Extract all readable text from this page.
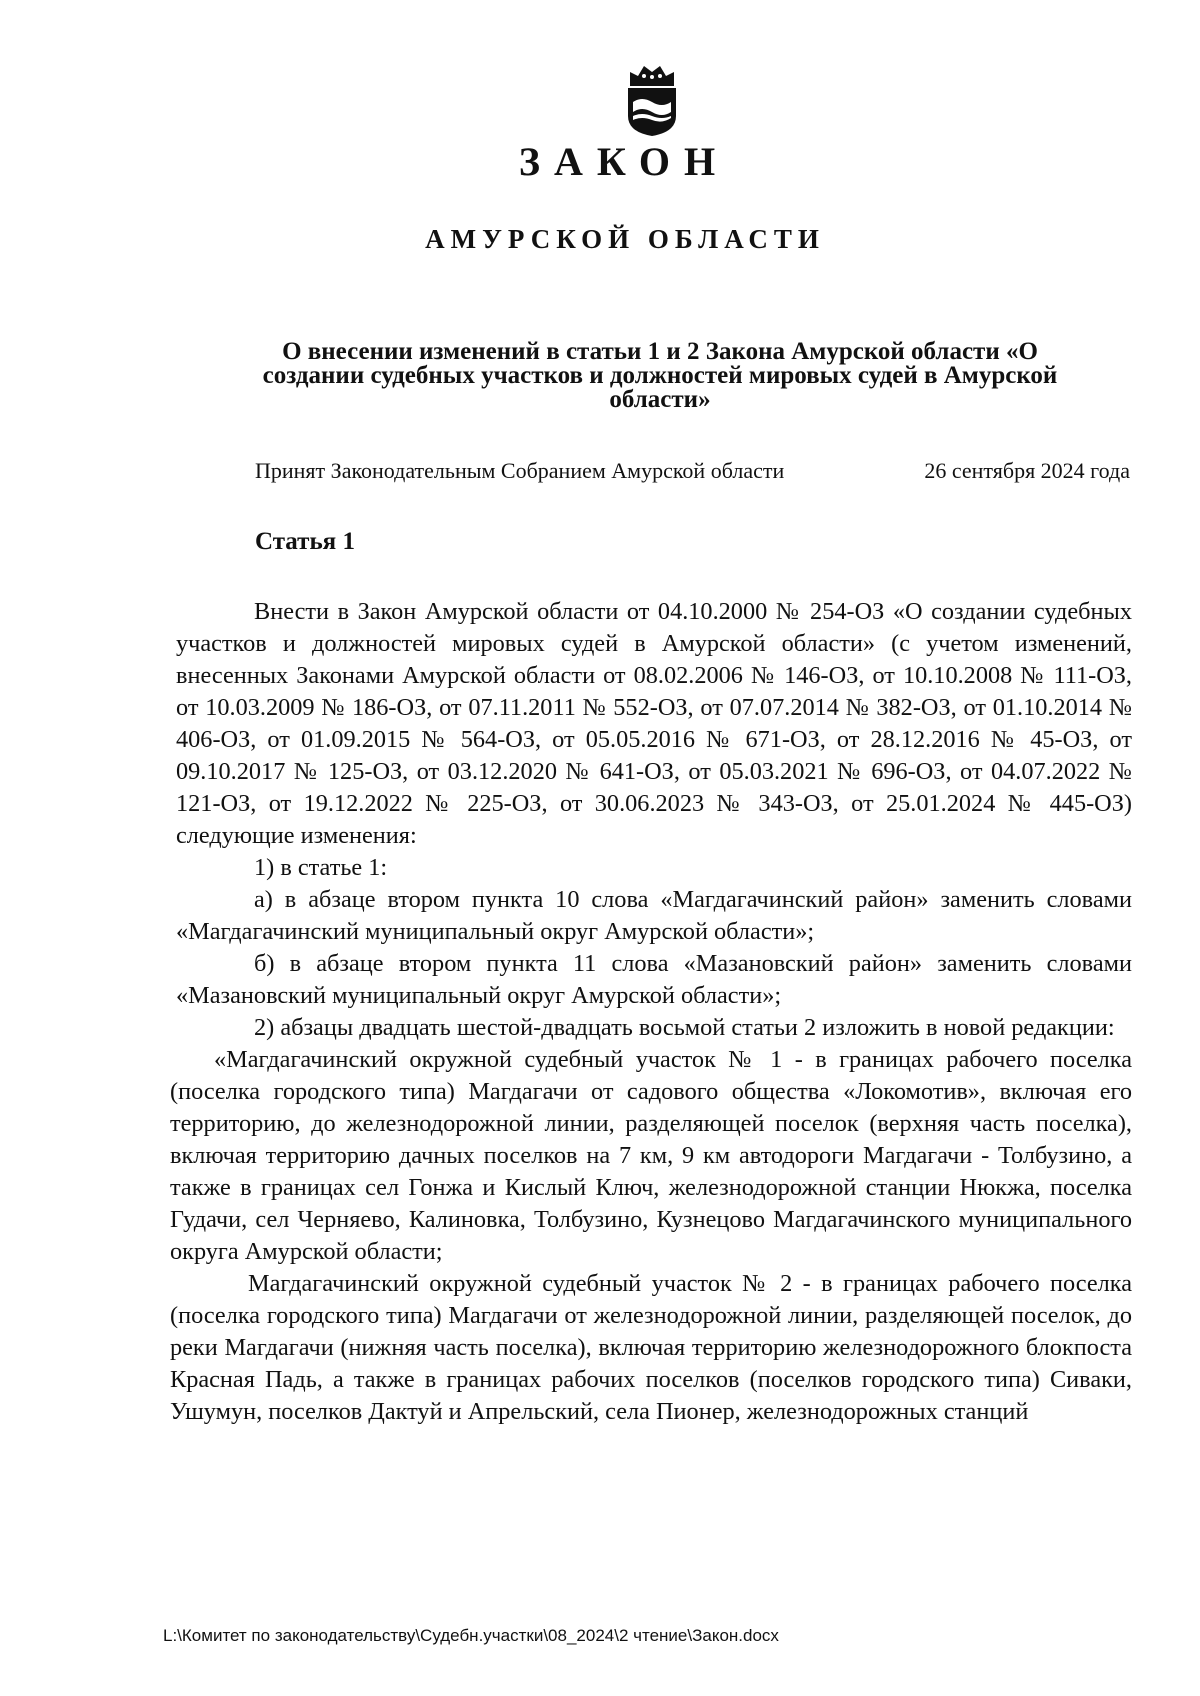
ЗАКОН
АМУРСКОЙ ОБЛАСТИ
О внесении изменений в статьи 1 и 2 Закона Амурской области «О создании судебных участков и должностей мировых судей в Амурской области»
Принят Законодательным Собранием Амурской области	26 сентября 2024 года
Статья 1

Внести в Закон Амурской области от 04.10.2000 № 254-ОЗ «О создании судебных участков и должностей мировых судей в Амурской области» (с учетом изменений, внесенных Законами Амурской области от 08.02.2006 № 146-ОЗ, от 10.10.2008 № 111-ОЗ, от 10.03.2009 № 186-ОЗ, от 07.11.2011 № 552-ОЗ, от 07.07.2014 № 382-ОЗ, от 01.10.2014 № 406-ОЗ, от 01.09.2015 № 564-ОЗ, от 05.05.2016 № 671-ОЗ, от 28.12.2016 № 45-ОЗ, от 09.10.2017 № 125-ОЗ, от 03.12.2020 № 641-ОЗ, от 05.03.2021 № 696-ОЗ, от 04.07.2022 № 121-ОЗ, от 19.12.2022 № 225-ОЗ, от 30.06.2023 № 343-ОЗ, от 25.01.2024 № 445-ОЗ) следующие изменения:

1) в статье 1:

а) в абзаце втором пункта 10 слова «Магдагачинский район» заменить словами «Магдагачинский муниципальный округ Амурской области»;

б) в абзаце втором пункта 11 слова «Мазановский район» заменить словами «Мазановский муниципальный округ Амурской области»;

2) абзацы двадцать шестой-двадцать восьмой статьи 2 изложить в новой редакции:

«Магдагачинский окружной судебный участок № 1 - в границах рабочего поселка (поселка городского типа) Магдагачи от садового общества «Локомотив», включая его территорию, до железнодорожной линии, разделяющей поселок (верхняя часть поселка), включая территорию дачных поселков на 7 км, 9 км автодороги Магдагачи - Толбузино, а также в границах сел Гонжа и Кислый Ключ, железнодорожной станции Нюкжа, поселка Гудачи, сел Черняево, Калиновка, Толбузино, Кузнецово Магдагачинского муниципального округа Амурской области;

Магдагачинский окружной судебный участок № 2 - в границах рабочего поселка (поселка городского типа) Магдагачи от железнодорожной линии, разделяющей поселок, до реки Магдагачи (нижняя часть поселка), включая территорию железнодорожного блокпоста Красная Падь, а также в границах рабочих поселков (поселков городского типа) Сиваки, Ушумун, поселков Дактуй и Апрельский, села Пионер, железнодорожных станций

L:\Комитет по законодательству\Судебн.участки\08_2024\2 чтение\Закон.docx
